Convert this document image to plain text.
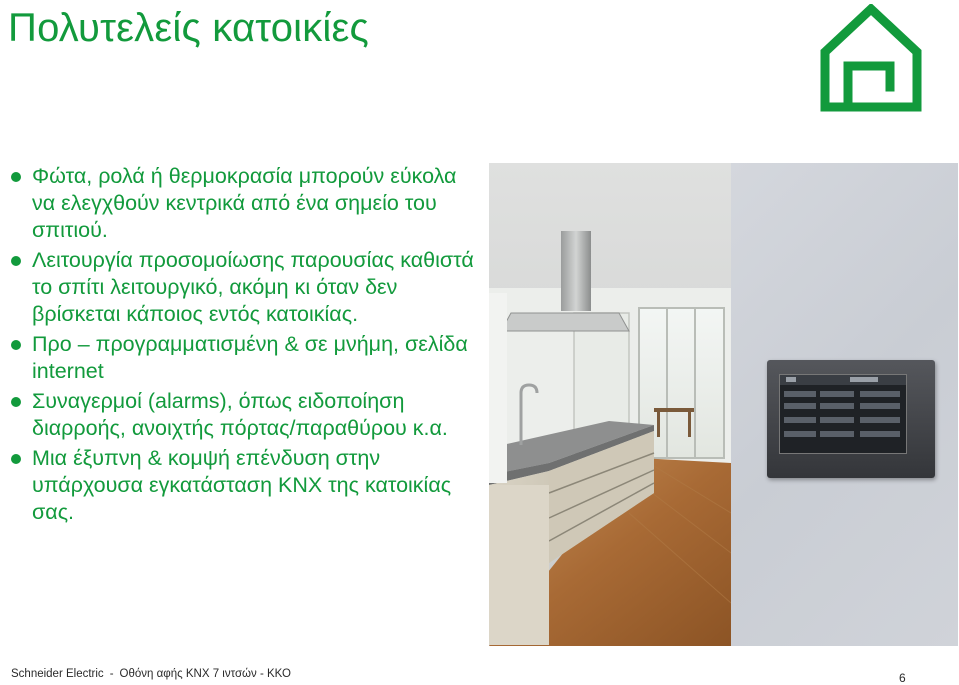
Πολυτελείς κατοικίες
Φώτα, ρολά ή θερμοκρασία μπορούν εύκολα να ελεγχθούν κεντρικά από ένα σημείο του σπιτιού.
Λειτουργία προσομοίωσης παρουσίας καθιστά το σπίτι λειτουργικό, ακόμη κι όταν δεν βρίσκεται κάποιος εντός κατοικίας.
Προ – προγραμματισμένη & σε μνήμη, σελίδα internet
Συναγερμοί (alarms), όπως ειδοποίηση διαρροής, ανοιχτής πόρτας/παραθύρου κ.α.
Μια έξυπνη & κομψή επένδυση στην υπάρχουσα εγκατάσταση ΚΝΧ της κατοικίας σας.
Schneider Electric - Οθόνη αφής ΚΝΧ 7 ιντσών - ΚΚΟ	6
